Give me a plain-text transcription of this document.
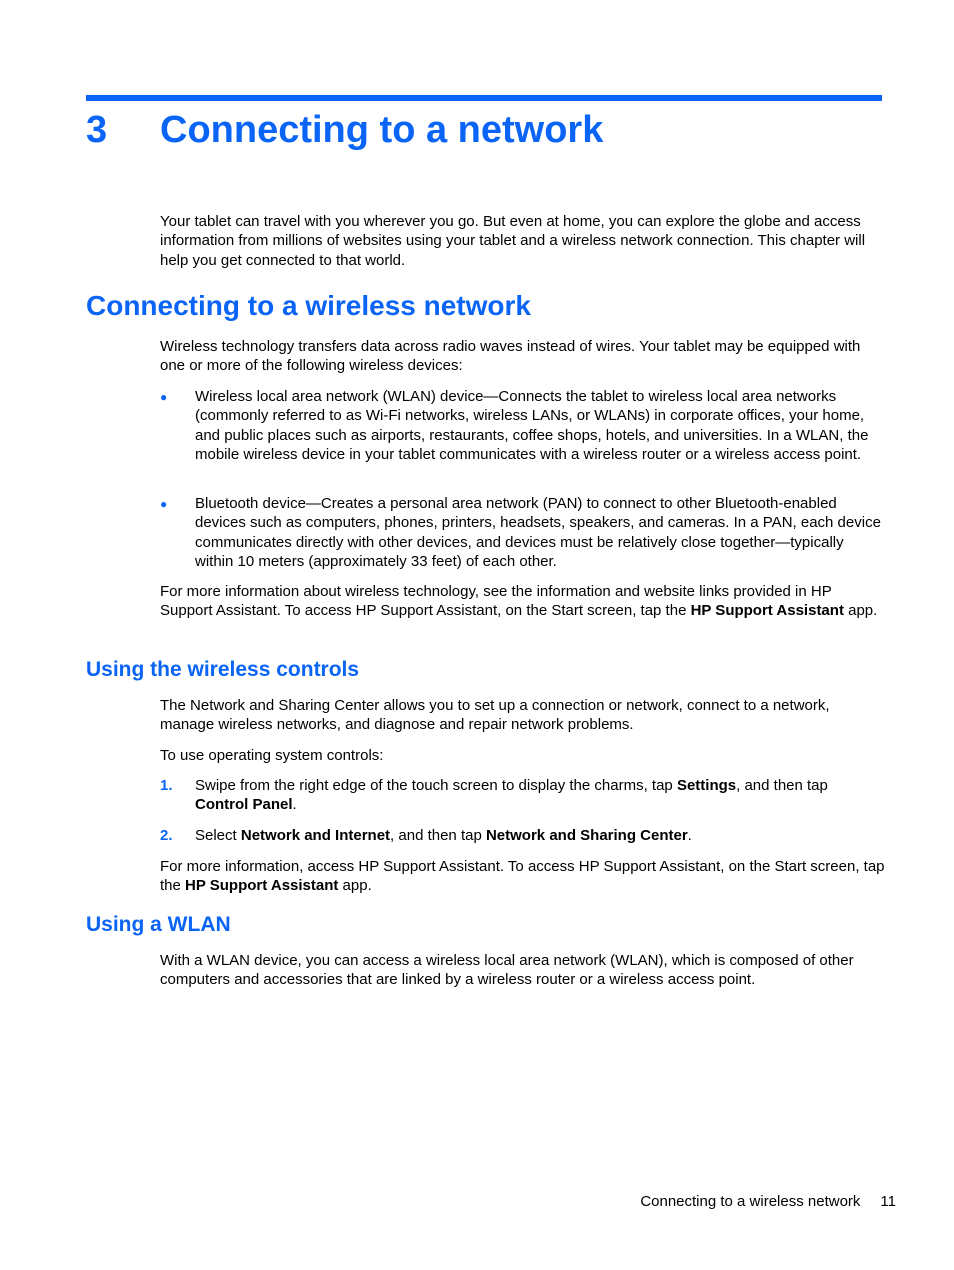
3 Connecting to a network

Your tablet can travel with you wherever you go. But even at home, you can explore the globe and access information from millions of websites using your tablet and a wireless network connection. This chapter will help you get connected to that world.

Connecting to a wireless network

Wireless technology transfers data across radio waves instead of wires. Your tablet may be equipped with one or more of the following wireless devices:

● Wireless local area network (WLAN) device—Connects the tablet to wireless local area networks (commonly referred to as Wi-Fi networks, wireless LANs, or WLANs) in corporate offices, your home, and public places such as airports, restaurants, coffee shops, hotels, and universities. In a WLAN, the mobile wireless device in your tablet communicates with a wireless router or a wireless access point.
● Bluetooth device—Creates a personal area network (PAN) to connect to other Bluetooth-enabled devices such as computers, phones, printers, headsets, speakers, and cameras. In a PAN, each device communicates directly with other devices, and devices must be relatively close together—typically within 10 meters (approximately 33 feet) of each other.

For more information about wireless technology, see the information and website links provided in HP Support Assistant. To access HP Support Assistant, on the Start screen, tap the HP Support Assistant app.

Using the wireless controls

The Network and Sharing Center allows you to set up a connection or network, connect to a network, manage wireless networks, and diagnose and repair network problems.

To use operating system controls:

1. Swipe from the right edge of the touch screen to display the charms, tap Settings, and then tap Control Panel.
2. Select Network and Internet, and then tap Network and Sharing Center.

For more information, access HP Support Assistant. To access HP Support Assistant, on the Start screen, tap the HP Support Assistant app.

Using a WLAN

With a WLAN device, you can access a wireless local area network (WLAN), which is composed of other computers and accessories that are linked by a wireless router or a wireless access point.

Connecting to a wireless network 11
